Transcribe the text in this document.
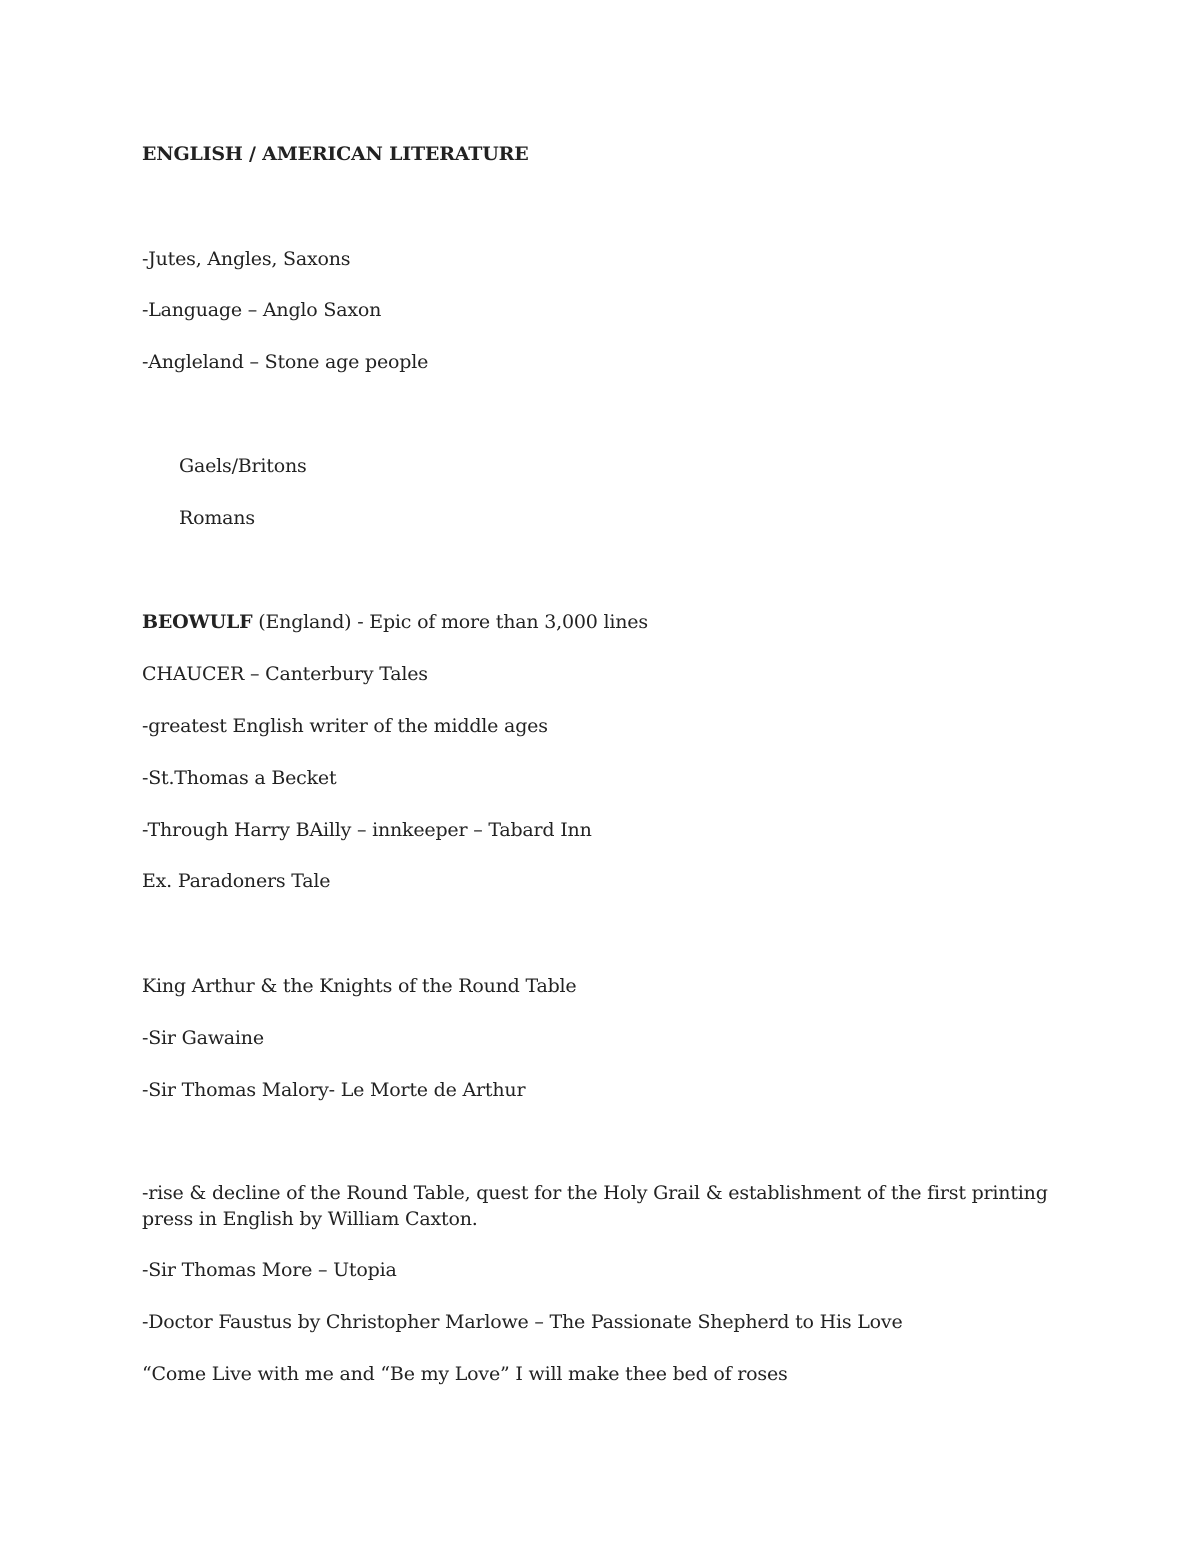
ENGLISH / AMERICAN LITERATURE
-Jutes, Angles, Saxons
-Language – Anglo Saxon
-Angleland – Stone age people
Gaels/Britons
Romans
BEOWULF (England) - Epic of more than 3,000 lines
CHAUCER – Canterbury Tales
-greatest English writer of the middle ages
-St.Thomas a Becket
-Through Harry BAilly – innkeeper – Tabard Inn
Ex. Paradoners Tale
King Arthur & the Knights of the Round Table
-Sir Gawaine
-Sir Thomas Malory- Le Morte de Arthur
-rise & decline of the Round Table, quest for the Holy Grail & establishment of the first printing press in English by William Caxton.
-Sir Thomas More – Utopia
-Doctor Faustus by Christopher Marlowe – The Passionate Shepherd to His Love
“Come Live with me and “Be my Love” I will make thee bed of roses
